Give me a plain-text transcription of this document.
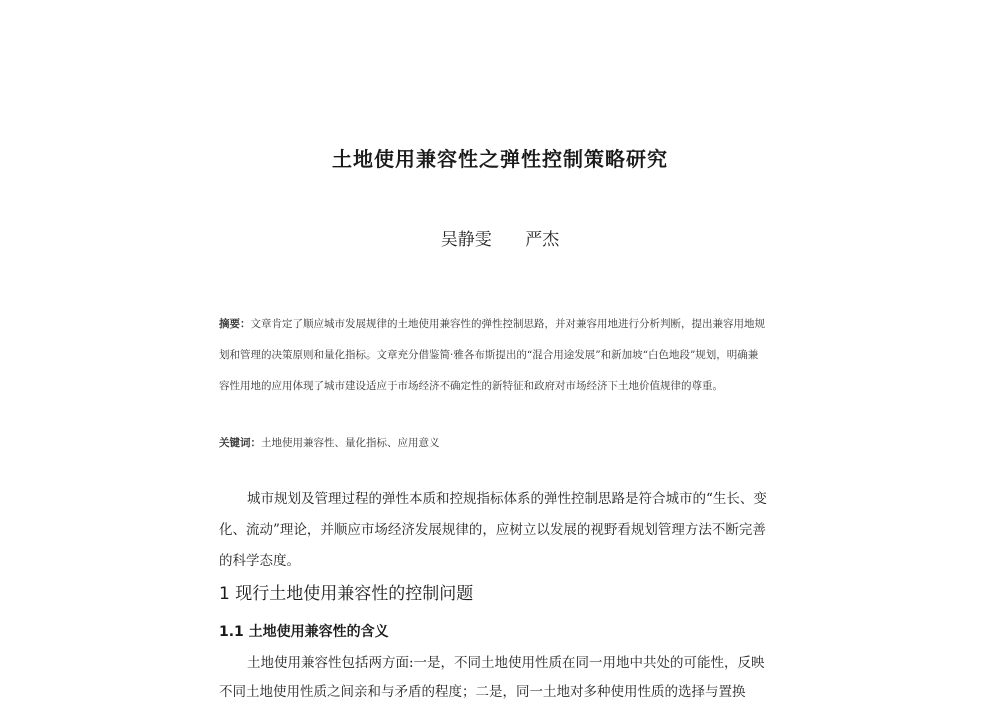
土地使用兼容性之弹性控制策略研究
吴静雯 严杰
摘要：文章肯定了顺应城市发展规律的土地使用兼容性的弹性控制思路，并对兼容用地进行分析判断，提出兼容用地规划和管理的决策原则和量化指标。文章充分借鉴简·雅各布斯提出的“混合用途发展”和新加坡“白色地段”规划，明确兼容性用地的应用体现了城市建设适应于市场经济不确定性的新特征和政府对市场经济下土地价值规律的尊重。
关键词：土地使用兼容性、量化指标、应用意义
城市规划及管理过程的弹性本质和控规指标体系的弹性控制思路是符合城市的“生长、变化、流动”理论，并顺应市场经济发展规律的，应树立以发展的视野看规划管理方法不断完善的科学态度。
1 现行土地使用兼容性的控制问题
1.1 土地使用兼容性的含义
土地使用兼容性包括两方面:一是，不同土地使用性质在同一用地中共处的可能性，反映不同土地使用性质之间亲和与矛盾的程度；二是，同一土地对多种使用性质的选择与置换
